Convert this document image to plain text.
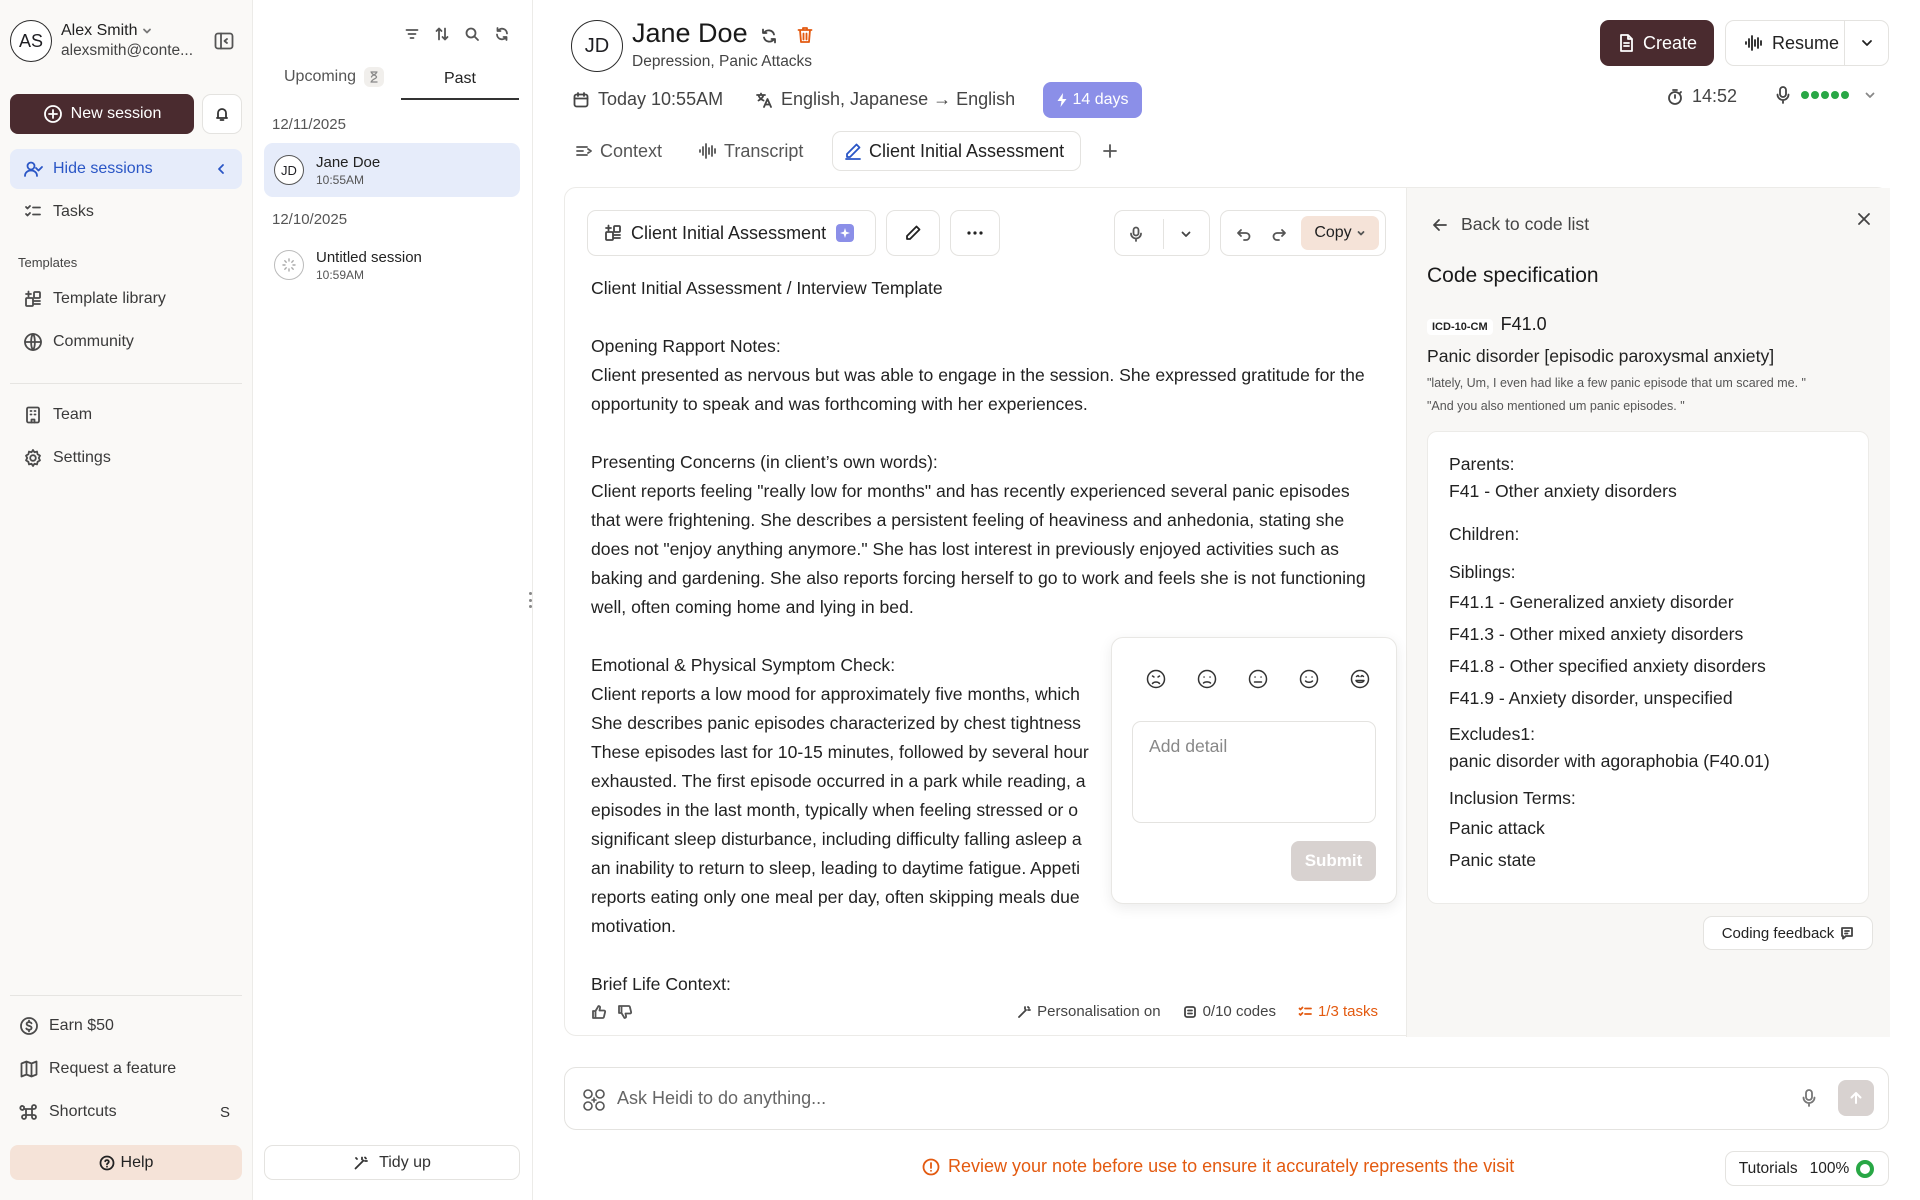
AS Alex Smith
alexsmith@conte...
New session
Hide sessions
Tasks
Templates
Template library
Community
Team
Settings
Earn $50
Request a feature
Shortcuts	S
Help
Upcoming	Past
12/11/2025
JD Jane Doe
10:55AM
12/10/2025
Untitled session
10:59AM
Tidy up
JD Jane Doe
Depression, Panic Attacks
Today 10:55AM	English, Japanese → English	14 days
Create	Resume
14:52
Context	Transcript	Client Initial Assessment
Client Initial Assessment	Copy

Client Initial Assessment / Interview Template

Opening Rapport Notes:

Client presented as nervous but was able to engage in the session. She expressed gratitude for the opportunity to speak and was forthcoming with her experiences.

Presenting Concerns (in client’s own words):

Client reports feeling "really low for months" and has recently experienced several panic episodes that were frightening. She describes a persistent feeling of heaviness and anhedonia, stating she does not "enjoy anything anymore." She has lost interest in previously enjoyed activities such as baking and gardening. She also reports forcing herself to go to work and feels she is not functioning well, often coming home and lying in bed.

Emotional & Physical Symptom Check:

Client reports a low mood for approximately five months, which

She describes panic episodes characterized by chest tightness

These episodes last for 10-15 minutes, followed by several hour

exhausted. The first episode occurred in a park while reading, a

episodes in the last month, typically when feeling stressed or o

significant sleep disturbance, including difficulty falling asleep a

an inability to return to sleep, leading to daytime fatigue. Appeti

reports eating only one meal per day, often skipping meals due

motivation.

Brief Life Context:

Personalisation on	0/10 codes	1/3 tasks
Back to code list
Code specification
ICD-10-CM F41.0
Panic disorder [episodic paroxysmal anxiety]
"lately, Um, I even had like a few panic episode that um scared me. "
"And you also mentioned um panic episodes. "
Parents:
F41 - Other anxiety disorders
Children:
Siblings:
F41.1 - Generalized anxiety disorder
F41.3 - Other mixed anxiety disorders
F41.8 - Other specified anxiety disorders
F41.9 - Anxiety disorder, unspecified
Excludes1:
panic disorder with agoraphobia (F40.01)
Inclusion Terms:
Panic attack
Panic state
Coding feedback
Add detail
Submit
Ask Heidi to do anything...
Review your note before use to ensure it accurately represents the visit	Tutorials 100%
